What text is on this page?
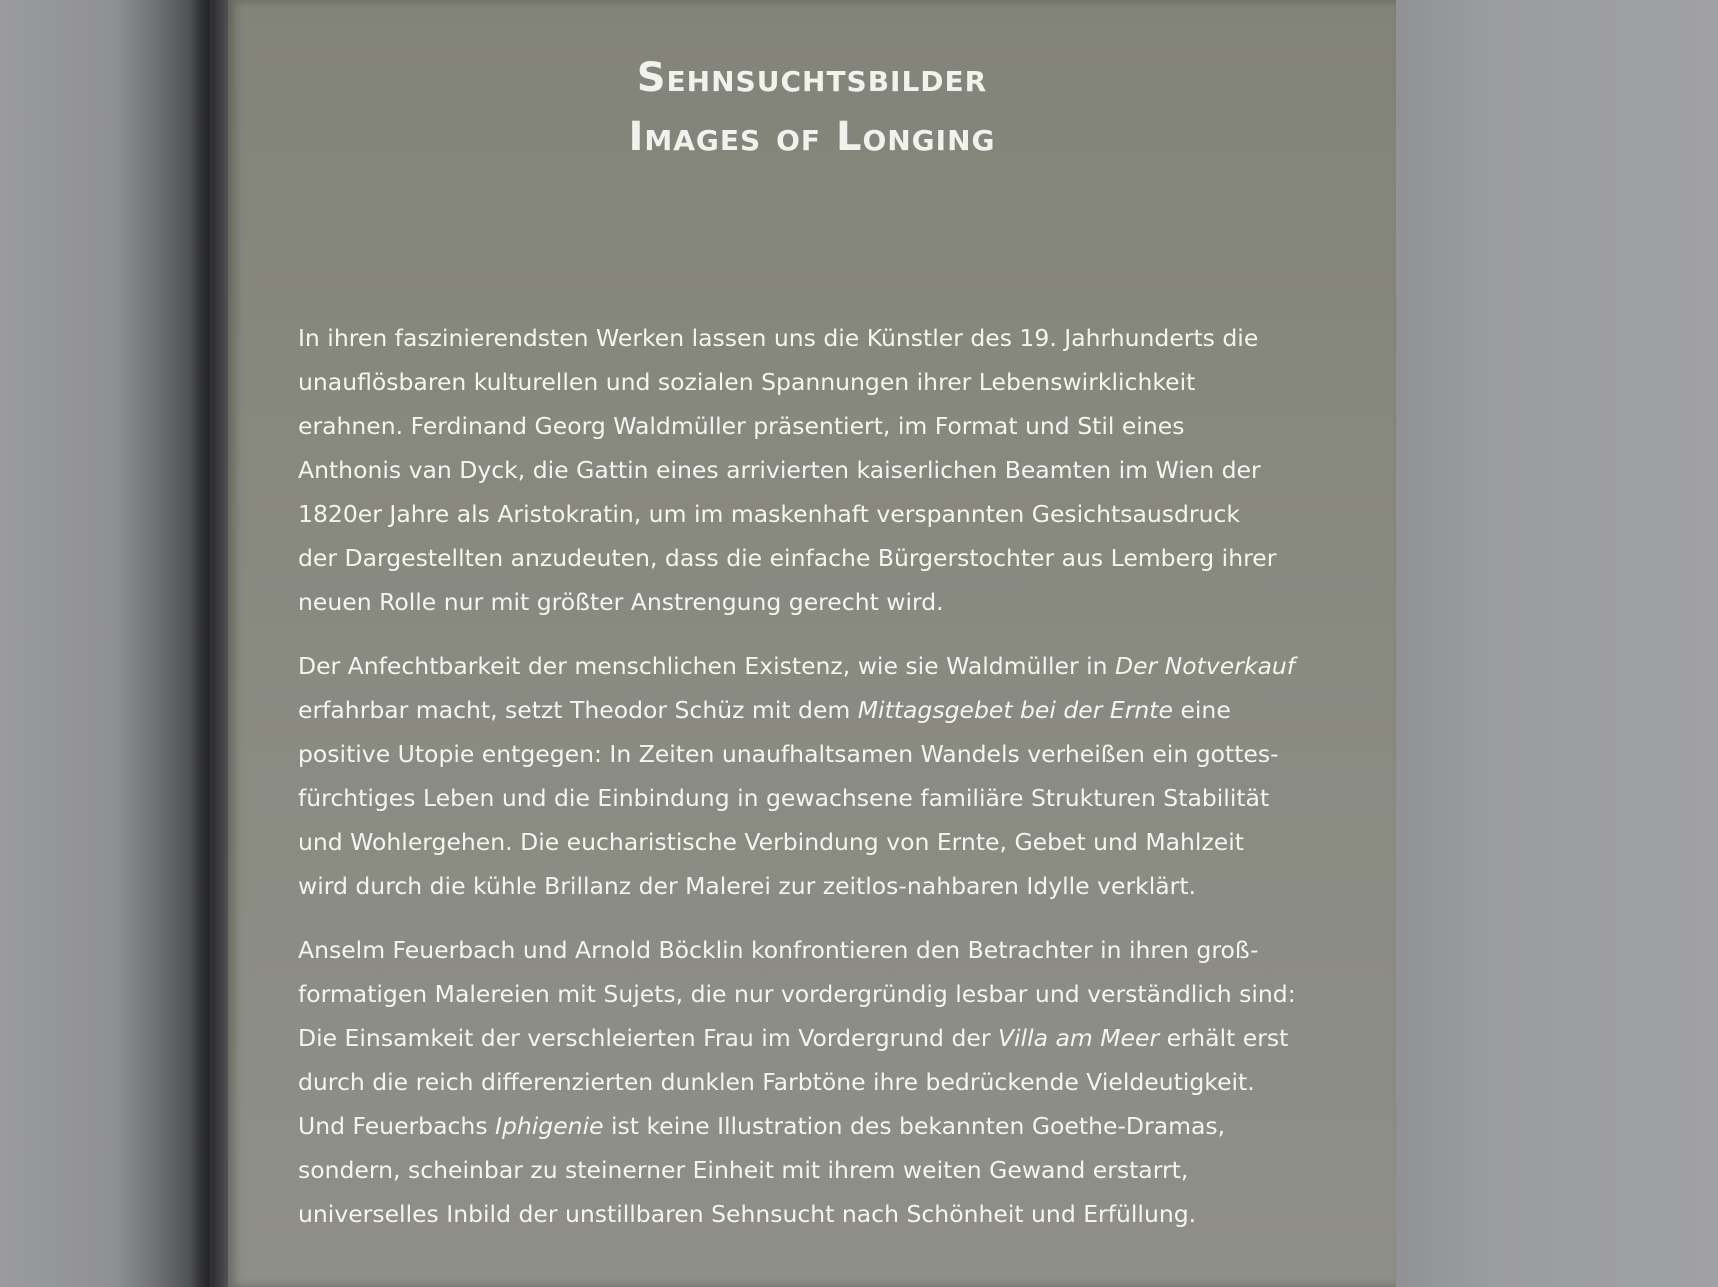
Sehnsuchtsbilder
Images of Longing

In ihren faszinierendsten Werken lassen uns die Künstler des 19. Jahrhunderts die
unauflösbaren kulturellen und sozialen Spannungen ihrer Lebenswirklichkeit
erahnen. Ferdinand Georg Waldmüller präsentiert, im Format und Stil eines
Anthonis van Dyck, die Gattin eines arrivierten kaiserlichen Beamten im Wien der
1820er Jahre als Aristokratin, um im maskenhaft verspannten Gesichtsausdruck
der Dargestellten anzudeuten, dass die einfache Bürgerstochter aus Lemberg ihrer
neuen Rolle nur mit größter Anstrengung gerecht wird.

Der Anfechtbarkeit der menschlichen Existenz, wie sie Waldmüller in Der Notverkauf
erfahrbar macht, setzt Theodor Schüz mit dem Mittagsgebet bei der Ernte eine
positive Utopie entgegen: In Zeiten unaufhaltsamen Wandels verheißen ein gottes-
fürchtiges Leben und die Einbindung in gewachsene familiäre Strukturen Stabilität
und Wohlergehen. Die eucharistische Verbindung von Ernte, Gebet und Mahlzeit
wird durch die kühle Brillanz der Malerei zur zeitlos-nahbaren Idylle verklärt.

Anselm Feuerbach und Arnold Böcklin konfrontieren den Betrachter in ihren groß-
formatigen Malereien mit Sujets, die nur vordergründig lesbar und verständlich sind:
Die Einsamkeit der verschleierten Frau im Vordergrund der Villa am Meer erhält erst
durch die reich differenzierten dunklen Farbtöne ihre bedrückende Vieldeutigkeit.
Und Feuerbachs Iphigenie ist keine Illustration des bekannten Goethe-Dramas,
sondern, scheinbar zu steinerner Einheit mit ihrem weiten Gewand erstarrt,
universelles Inbild der unstillbaren Sehnsucht nach Schönheit und Erfüllung.
